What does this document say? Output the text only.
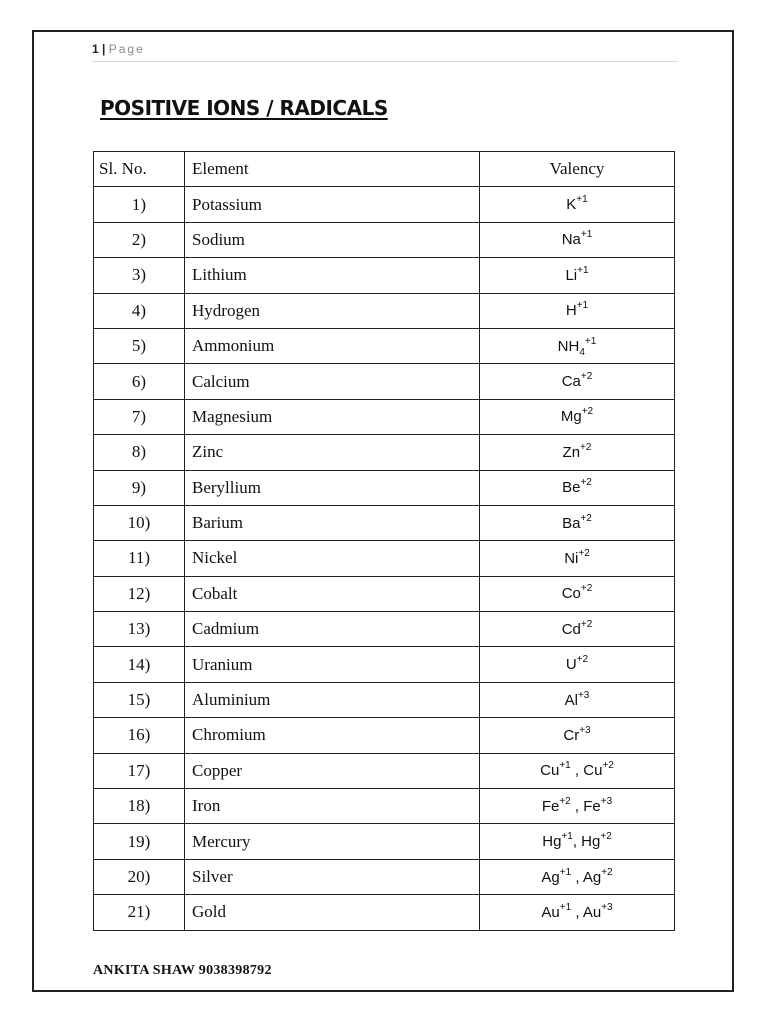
1 | Page
POSITIVE IONS / RADICALS
Sl. No.	Element	Valency
1)	Potassium	$K^{+1}$
2)	Sodium	$Na^{+1}$
3)	Lithium	$Li^{+1}$
4)	Hydrogen	$H^{+1}$
5)	Ammonium	$NH_4^{+1}$
6)	Calcium	$Ca^{+2}$
7)	Magnesium	$Mg^{+2}$
8)	Zinc	$Zn^{+2}$
9)	Beryllium	$Be^{+2}$
10)	Barium	$Ba^{+2}$
11)	Nickel	$Ni^{+2}$
12)	Cobalt	$Co^{+2}$
13)	Cadmium	$Cd^{+2}$
14)	Uranium	$U^{+2}$
15)	Aluminium	$Al^{+3}$
16)	Chromium	$Cr^{+3}$
17)	Copper	$Cu^{+1}$ , $Cu^{+2}$
18)	Iron	$Fe^{+2}$ , $Fe^{+3}$
19)	Mercury	$Hg^{+1}$, $Hg^{+2}$
20)	Silver	$Ag^{+1}$ , $Ag^{+2}$
21)	Gold	$Au^{+1}$ , $Au^{+3}$
ANKITA SHAW 9038398792
